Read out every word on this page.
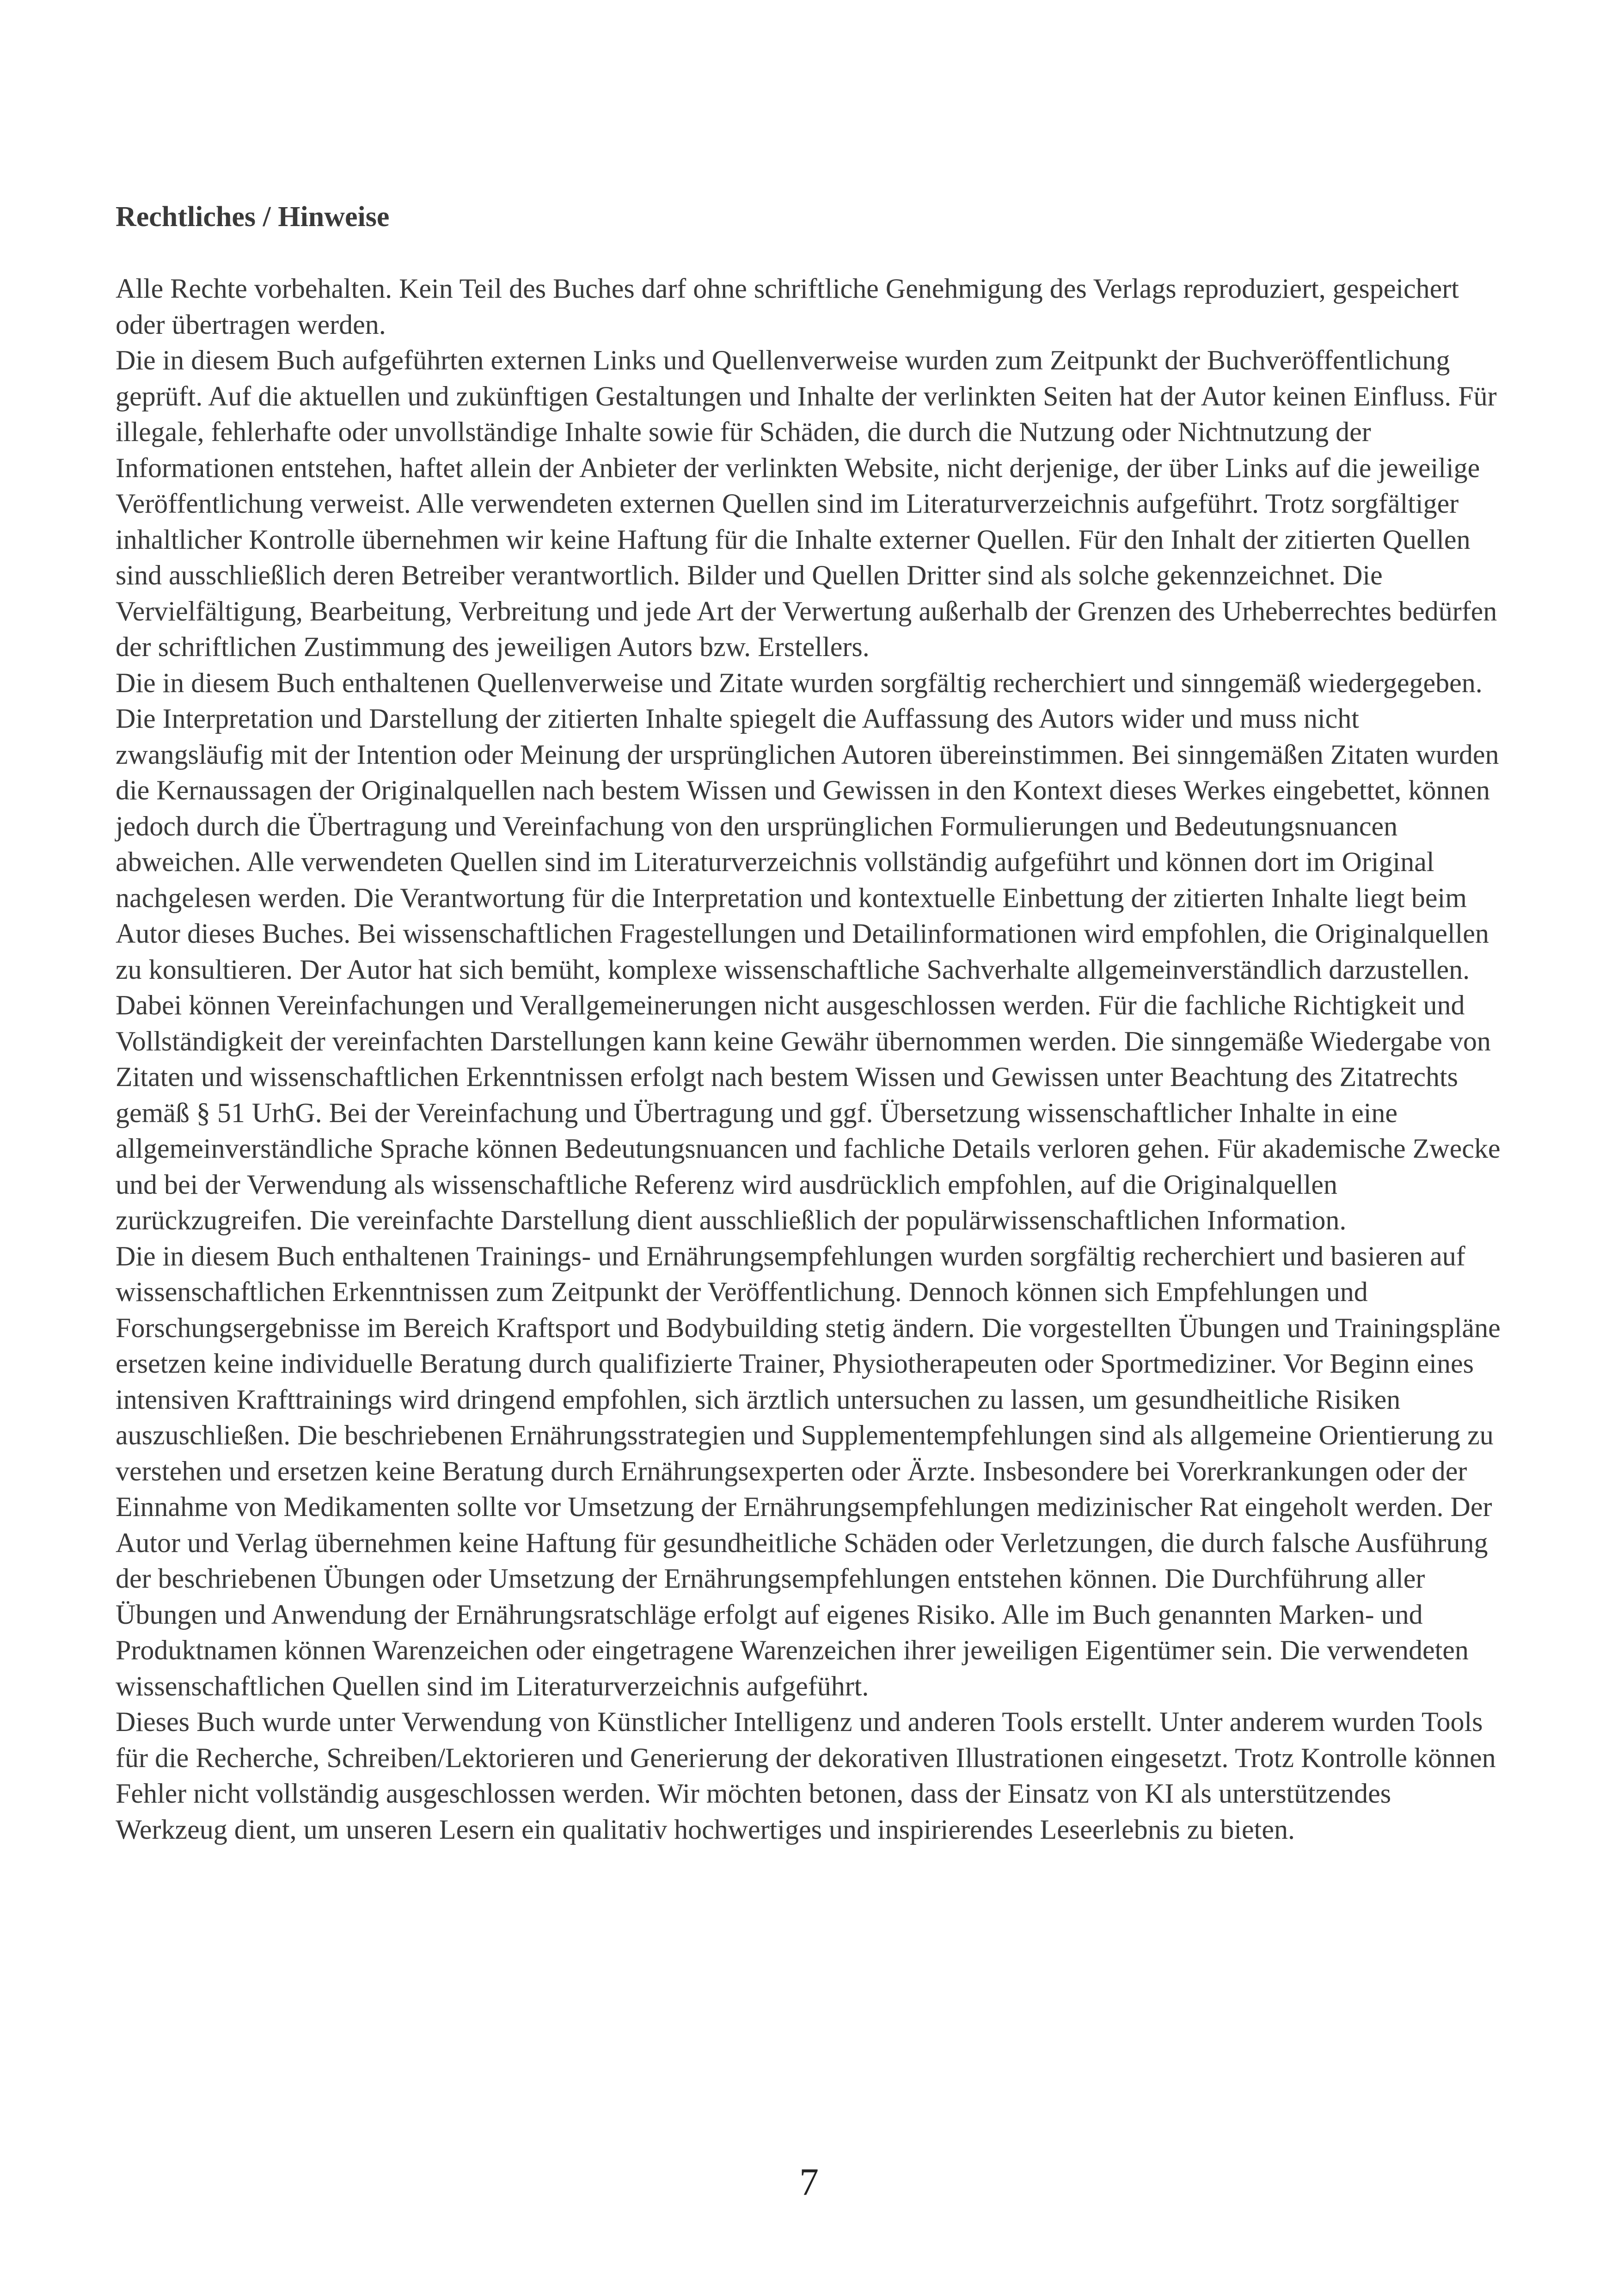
Rechtliches / Hinweise

Alle Rechte vorbehalten. Kein Teil des Buches darf ohne schriftliche Genehmigung des Verlags reproduziert, gespeichert oder übertragen werden.

Die in diesem Buch aufgeführten externen Links und Quellenverweise wurden zum Zeitpunkt der Buchveröffentlichung geprüft. Auf die aktuellen und zukünftigen Gestaltungen und Inhalte der verlinkten Seiten hat der Autor keinen Einfluss. Für illegale, fehlerhafte oder unvollständige Inhalte sowie für Schäden, die durch die Nutzung oder Nichtnutzung der Informationen entstehen, haftet allein der Anbieter der verlinkten Website, nicht derjenige, der über Links auf die jeweilige Veröffentlichung verweist. Alle verwendeten externen Quellen sind im Literaturverzeichnis aufgeführt. Trotz sorgfältiger inhaltlicher Kontrolle übernehmen wir keine Haftung für die Inhalte externer Quellen. Für den Inhalt der zitierten Quellen sind ausschließlich deren Betreiber verantwortlich. Bilder und Quellen Dritter sind als solche gekennzeichnet. Die Vervielfältigung, Bearbeitung, Verbreitung und jede Art der Verwertung außerhalb der Grenzen des Urheberrechtes bedürfen der schriftlichen Zustimmung des jeweiligen Autors bzw. Erstellers.

Die in diesem Buch enthaltenen Quellenverweise und Zitate wurden sorgfältig recherchiert und sinngemäß wiedergegeben. Die Interpretation und Darstellung der zitierten Inhalte spiegelt die Auffassung des Autors wider und muss nicht zwangsläufig mit der Intention oder Meinung der ursprünglichen Autoren übereinstimmen. Bei sinngemäßen Zitaten wurden die Kernaussagen der Originalquellen nach bestem Wissen und Gewissen in den Kontext dieses Werkes eingebettet, können jedoch durch die Übertragung und Vereinfachung von den ursprünglichen Formulierungen und Bedeutungsnuancen abweichen. Alle verwendeten Quellen sind im Literaturverzeichnis vollständig aufgeführt und können dort im Original nachgelesen werden. Die Verantwortung für die Interpretation und kontextuelle Einbettung der zitierten Inhalte liegt beim Autor dieses Buches. Bei wissenschaftlichen Fragestellungen und Detailinformationen wird empfohlen, die Originalquellen zu konsultieren. Der Autor hat sich bemüht, komplexe wissenschaftliche Sachverhalte allgemeinverständlich darzustellen. Dabei können Vereinfachungen und Verallgemeinerungen nicht ausgeschlossen werden. Für die fachliche Richtigkeit und Vollständigkeit der vereinfachten Darstellungen kann keine Gewähr übernommen werden. Die sinngemäße Wiedergabe von Zitaten und wissenschaftlichen Erkenntnissen erfolgt nach bestem Wissen und Gewissen unter Beachtung des Zitatrechts gemäß § 51 UrhG. Bei der Vereinfachung und Übertragung und ggf. Übersetzung wissenschaftlicher Inhalte in eine allgemeinverständliche Sprache können Bedeutungsnuancen und fachliche Details verloren gehen. Für akademische Zwecke und bei der Verwendung als wissenschaftliche Referenz wird ausdrücklich empfohlen, auf die Originalquellen zurückzugreifen. Die vereinfachte Darstellung dient ausschließlich der populärwissenschaftlichen Information.

Die in diesem Buch enthaltenen Trainings- und Ernährungsempfehlungen wurden sorgfältig recherchiert und basieren auf wissenschaftlichen Erkenntnissen zum Zeitpunkt der Veröffentlichung. Dennoch können sich Empfehlungen und Forschungsergebnisse im Bereich Kraftsport und Bodybuilding stetig ändern. Die vorgestellten Übungen und Trainingspläne ersetzen keine individuelle Beratung durch qualifizierte Trainer, Physiotherapeuten oder Sportmediziner. Vor Beginn eines intensiven Krafttrainings wird dringend empfohlen, sich ärztlich untersuchen zu lassen, um gesundheitliche Risiken auszuschließen. Die beschriebenen Ernährungsstrategien und Supplementempfehlungen sind als allgemeine Orientierung zu verstehen und ersetzen keine Beratung durch Ernährungsexperten oder Ärzte. Insbesondere bei Vorerkrankungen oder der Einnahme von Medikamenten sollte vor Umsetzung der Ernährungsempfehlungen medizinischer Rat eingeholt werden. Der Autor und Verlag übernehmen keine Haftung für gesundheitliche Schäden oder Verletzungen, die durch falsche Ausführung der beschriebenen Übungen oder Umsetzung der Ernährungsempfehlungen entstehen können. Die Durchführung aller Übungen und Anwendung der Ernährungsratschläge erfolgt auf eigenes Risiko. Alle im Buch genannten Marken- und Produktnamen können Warenzeichen oder eingetragene Warenzeichen ihrer jeweiligen Eigentümer sein. Die verwendeten wissenschaftlichen Quellen sind im Literaturverzeichnis aufgeführt.

Dieses Buch wurde unter Verwendung von Künstlicher Intelligenz und anderen Tools erstellt. Unter anderem wurden Tools für die Recherche, Schreiben/Lektorieren und Generierung der dekorativen Illustrationen eingesetzt. Trotz Kontrolle können Fehler nicht vollständig ausgeschlossen werden. Wir möchten betonen, dass der Einsatz von KI als unterstützendes Werkzeug dient, um unseren Lesern ein qualitativ hochwertiges und inspirierendes Leseerlebnis zu bieten.

7
